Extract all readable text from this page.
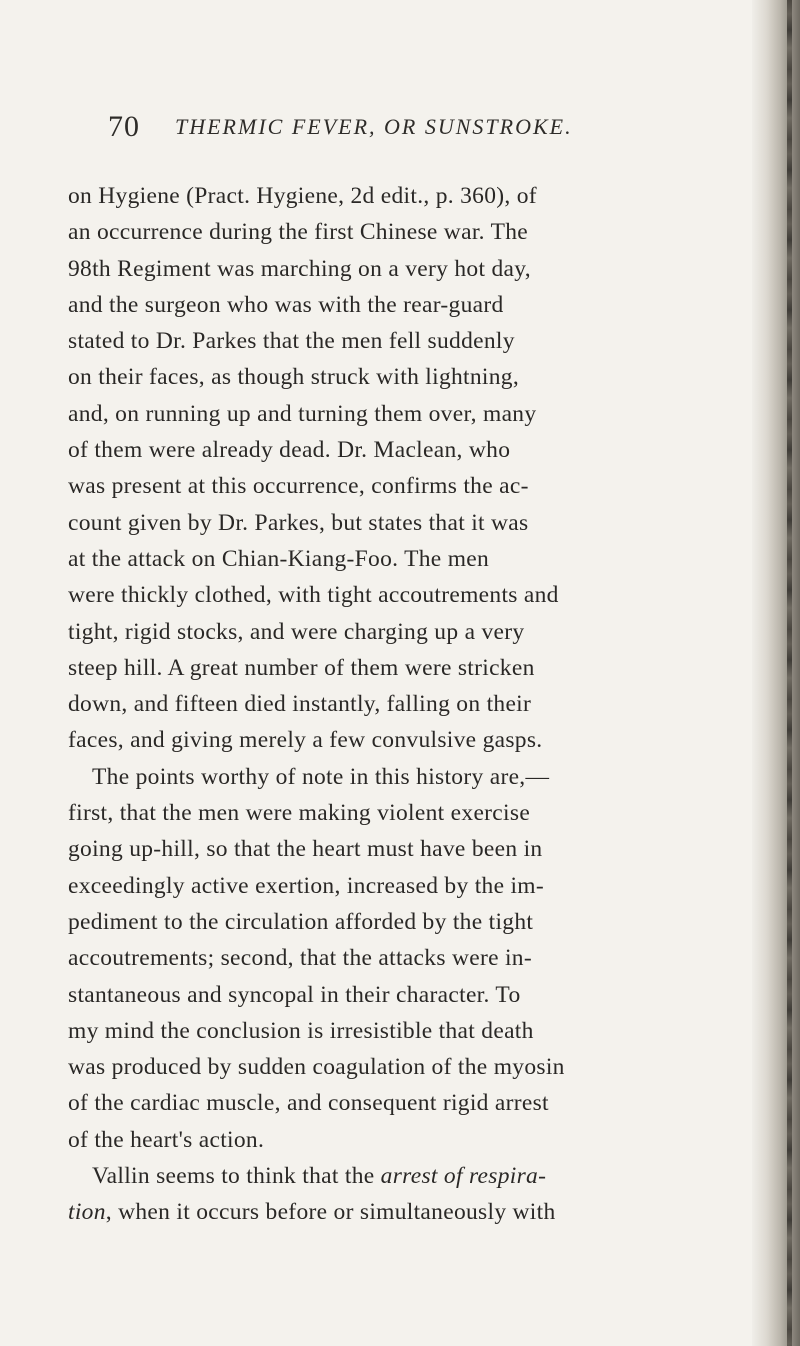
70 THERMIC FEVER, OR SUNSTROKE.
on Hygiene (Pract. Hygiene, 2d edit., p. 360), of
an occurrence during the first Chinese war. The
98th Regiment was marching on a very hot day,
and the surgeon who was with the rear-guard
stated to Dr. Parkes that the men fell suddenly
on their faces, as though struck with lightning,
and, on running up and turning them over, many
of them were already dead. Dr. Maclean, who
was present at this occurrence, confirms the ac-
count given by Dr. Parkes, but states that it was
at the attack on Chian-Kiang-Foo. The men
were thickly clothed, with tight accoutrements and
tight, rigid stocks, and were charging up a very
steep hill. A great number of them were stricken
down, and fifteen died instantly, falling on their
faces, and giving merely a few convulsive gasps.
The points worthy of note in this history are,—
first, that the men were making violent exercise
going up-hill, so that the heart must have been in
exceedingly active exertion, increased by the im-
pediment to the circulation afforded by the tight
accoutrements; second, that the attacks were in-
stantaneous and syncopal in their character. To
my mind the conclusion is irresistible that death
was produced by sudden coagulation of the myosin
of the cardiac muscle, and consequent rigid arrest
of the heart's action.
Vallin seems to think that the arrest of respira-
tion, when it occurs before or simultaneously with
